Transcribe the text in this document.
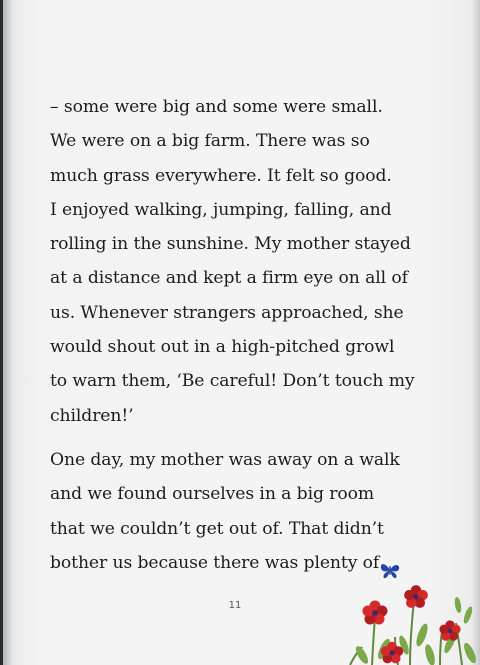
– some were big and some were small.

We were on a big farm. There was so

much grass everywhere. It felt so good.

I enjoyed walking, jumping, falling, and

rolling in the sunshine. My mother stayed

at a distance and kept a firm eye on all of

us. Whenever strangers approached, she

would shout out in a high-pitched growl

to warn them, ‘Be careful! Don’t touch my

children!’

One day, my mother was away on a walk

and we found ourselves in a big room

that we couldn’t get out of. That didn’t

bother us because there was plenty of

11
